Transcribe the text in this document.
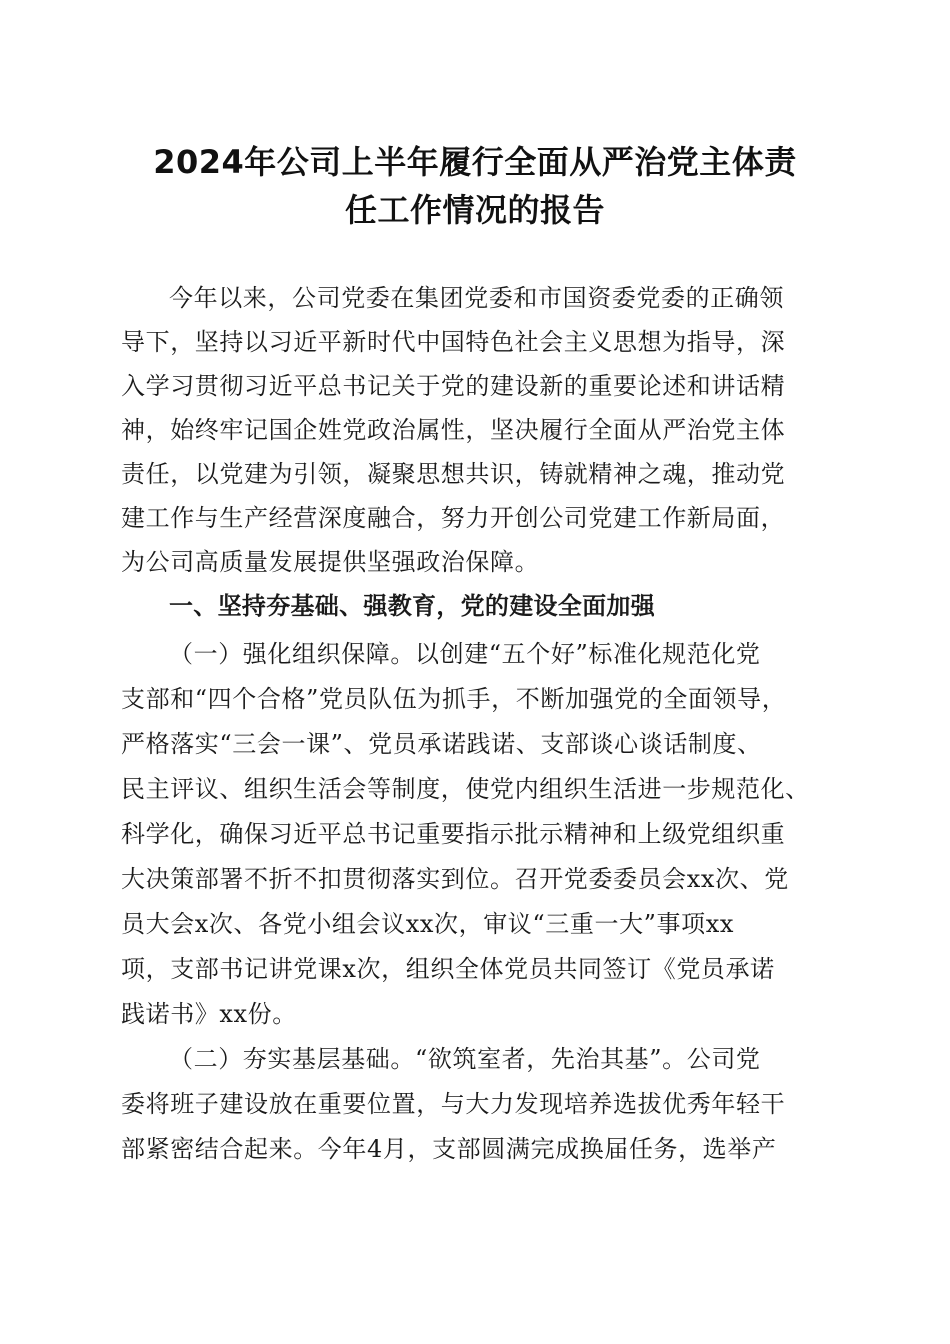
2024年公司上半年履行全面从严治党主体责
任工作情况的报告
今年以来，公司党委在集团党委和市国资委党委的正确领
导下，坚持以习近平新时代中国特色社会主义思想为指导，深
入学习贯彻习近平总书记关于党的建设新的重要论述和讲话精
神，始终牢记国企姓党政治属性，坚决履行全面从严治党主体
责任，以党建为引领，凝聚思想共识，铸就精神之魂，推动党
建工作与生产经营深度融合，努力开创公司党建工作新局面，
为公司高质量发展提供坚强政治保障。
一、坚持夯基础、强教育，党的建设全面加强
（一）强化组织保障。以创建“五个好”标准化规范化党
支部和“四个合格”党员队伍为抓手，不断加强党的全面领导，
严格落实“三会一课”、党员承诺践诺、支部谈心谈话制度、
民主评议、组织生活会等制度，使党内组织生活进一步规范化、
科学化，确保习近平总书记重要指示批示精神和上级党组织重
大决策部署不折不扣贯彻落实到位。召开党委委员会xx次、党
员大会x次、各党小组会议xx次，审议“三重一大”事项xx
项，支部书记讲党课x次，组织全体党员共同签订《党员承诺
践诺书》xx份。
（二）夯实基层基础。“欲筑室者，先治其基”。公司党
委将班子建设放在重要位置，与大力发现培养选拔优秀年轻干
部紧密结合起来。今年4月，支部圆满完成换届任务，选举产
